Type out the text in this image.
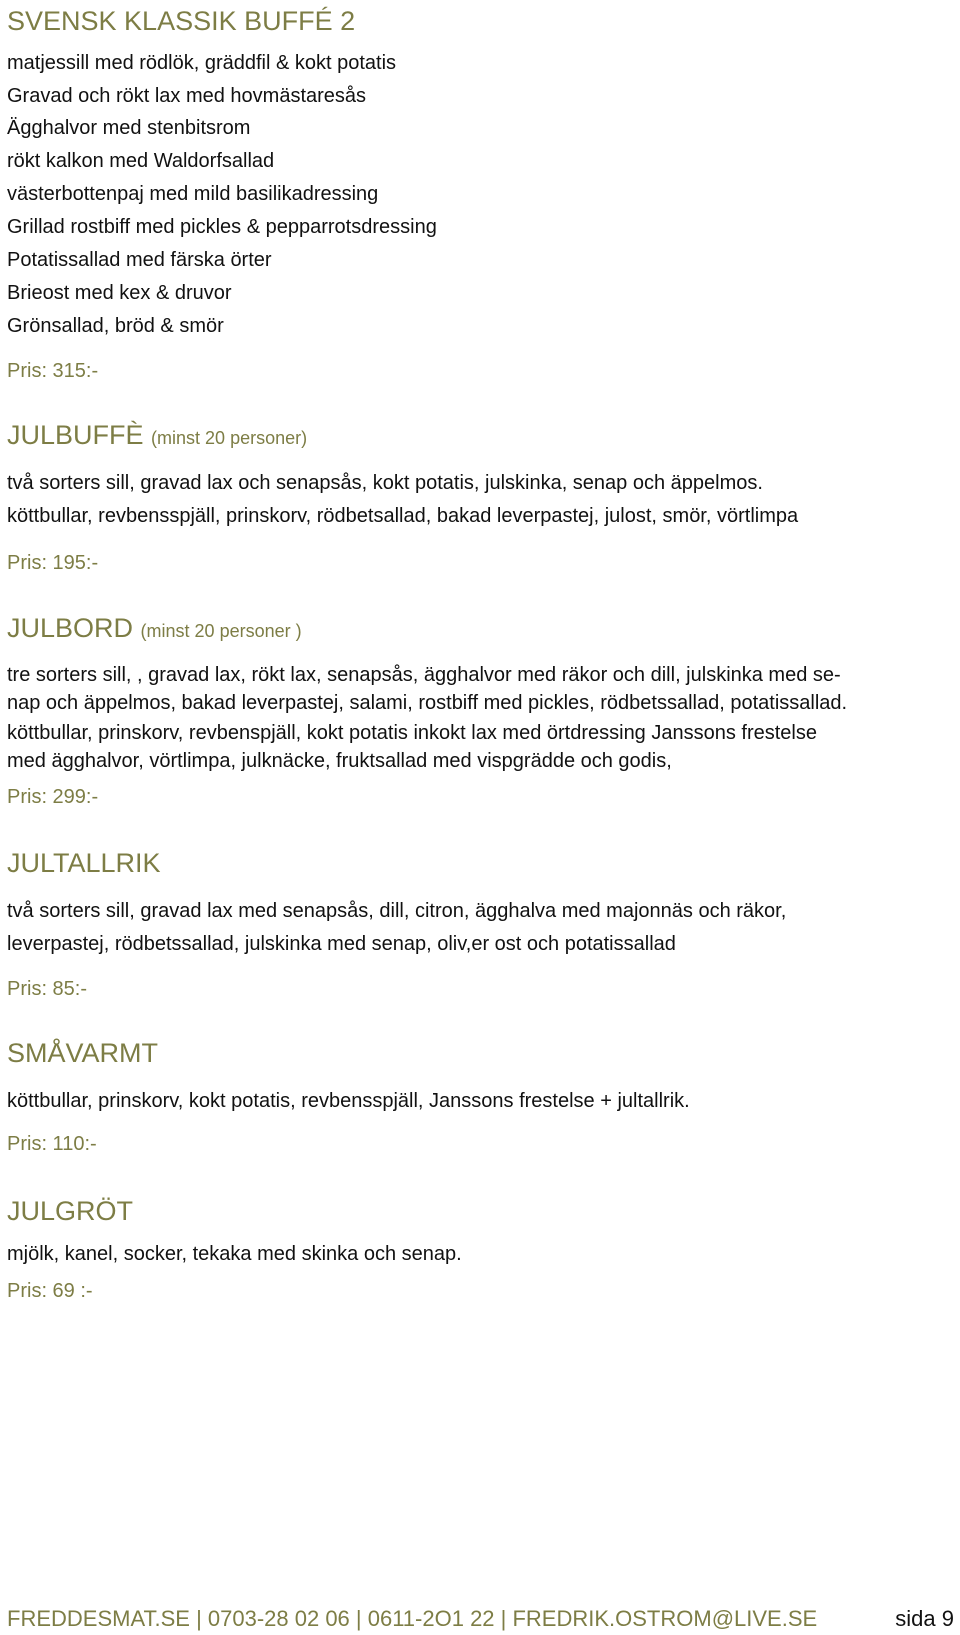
SVENSK KLASSIK BUFFÉ 2
matjessill med rödlök, gräddfil & kokt potatis
Gravad och rökt lax med hovmästaresås
Ägghalvor med stenbitsrom
rökt kalkon med Waldorfsallad
västerbottenpaj med mild basilikadressing
Grillad rostbiff med pickles & pepparrotsdressing
Potatissallad med färska örter
Brieost med kex & druvor
Grönsallad, bröd & smör
Pris: 315:-
JULBUFFÈ (minst 20 personer)
två sorters sill, gravad lax och senapsås, kokt potatis, julskinka, senap och äppelmos.
köttbullar, revbensspjäll, prinskorv, rödbetsallad, bakad leverpastej, julost, smör, vörtlimpa
Pris: 195:-
JULBORD (minst 20 personer )
tre sorters sill, , gravad lax, rökt lax, senapsås, ägghalvor med räkor och dill, julskinka med se-
nap och äppelmos, bakad leverpastej, salami, rostbiff med pickles, rödbetssallad, potatissallad.
köttbullar, prinskorv, revbenspjäll, kokt potatis inkokt lax med örtdressing Janssons frestelse
med ägghalvor, vörtlimpa, julknäcke, fruktsallad med vispgrädde och godis,
Pris: 299:-
JULTALLRIK
två sorters sill, gravad lax med senapsås, dill, citron, ägghalva med majonnäs och räkor,
leverpastej, rödbetssallad, julskinka med senap, oliv,er ost och potatissallad
Pris: 85:-
SMÅVARMT
köttbullar, prinskorv, kokt potatis, revbensspjäll, Janssons frestelse + jultallrik.
Pris: 110:-
JULGRÖT
mjölk, kanel, socker, tekaka med skinka och senap.
Pris: 69 :-
FREDDESMAT.SE | 0703-28 02 06 | 0611-2O1 22 | FREDRIK.OSTROM@LIVE.SE	sida 9
